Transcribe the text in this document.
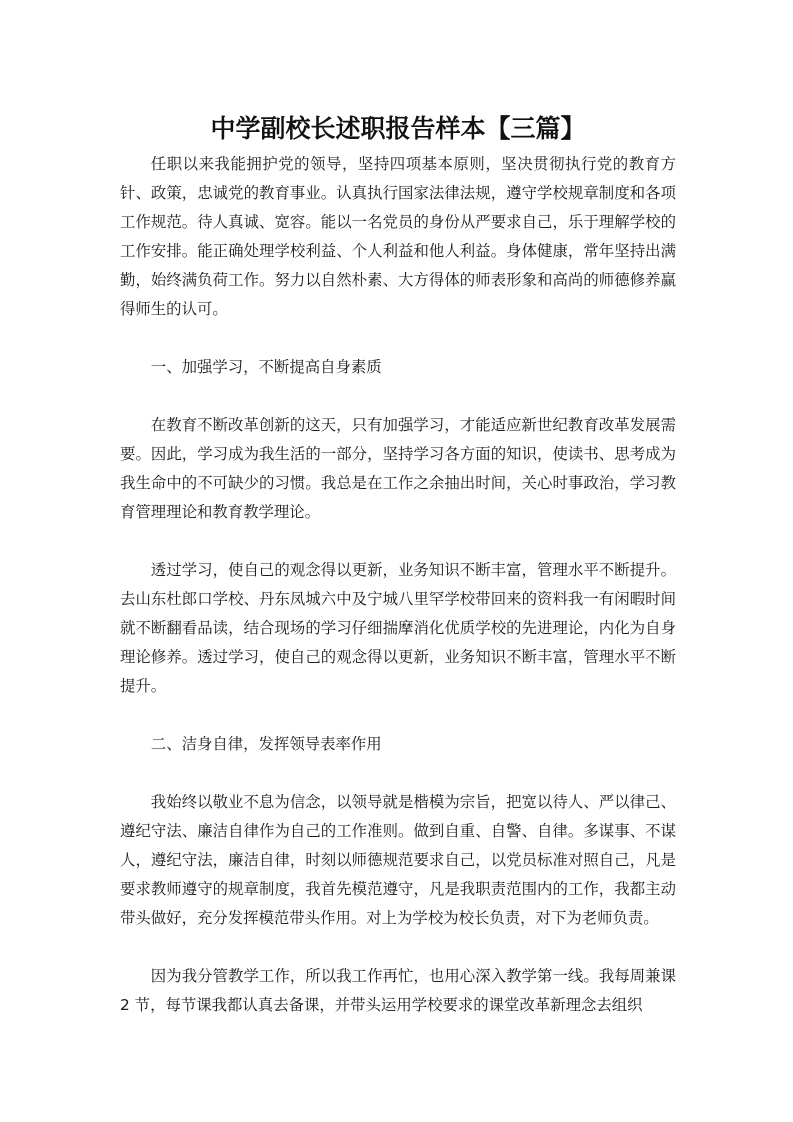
中学副校长述职报告样本【三篇】

任职以来我能拥护党的领导，坚持四项基本原则，坚决贯彻执行党的教育方针、政策，忠诚党的教育事业。认真执行国家法律法规，遵守学校规章制度和各项工作规范。待人真诚、宽容。能以一名党员的身份从严要求自己，乐于理解学校的工作安排。能正确处理学校利益、个人利益和他人利益。身体健康，常年坚持出满勤，始终满负荷工作。努力以自然朴素、大方得体的师表形象和高尚的师德修养赢得师生的认可。

一、加强学习，不断提高自身素质

在教育不断改革创新的这天，只有加强学习，才能适应新世纪教育改革发展需要。因此，学习成为我生活的一部分，坚持学习各方面的知识，使读书、思考成为我生命中的不可缺少的习惯。我总是在工作之余抽出时间，关心时事政治，学习教育管理理论和教育教学理论。

透过学习，使自己的观念得以更新，业务知识不断丰富，管理水平不断提升。去山东杜郎口学校、丹东凤城六中及宁城八里罕学校带回来的资料我一有闲暇时间就不断翻看品读，结合现场的学习仔细揣摩消化优质学校的先进理论，内化为自身理论修养。透过学习，使自己的观念得以更新，业务知识不断丰富，管理水平不断提升。

二、洁身自律，发挥领导表率作用

我始终以敬业不息为信念，以领导就是楷模为宗旨，把宽以待人、严以律己、遵纪守法、廉洁自律作为自己的工作准则。做到自重、自警、自律。多谋事、不谋人，遵纪守法，廉洁自律，时刻以师德规范要求自己，以党员标准对照自己，凡是要求教师遵守的规章制度，我首先模范遵守，凡是我职责范围内的工作，我都主动带头做好，充分发挥模范带头作用。对上为学校为校长负责，对下为老师负责。

因为我分管教学工作，所以我工作再忙，也用心深入教学第一线。我每周兼课 2 节，每节课我都认真去备课，并带头运用学校要求的课堂改革新理念去组织
